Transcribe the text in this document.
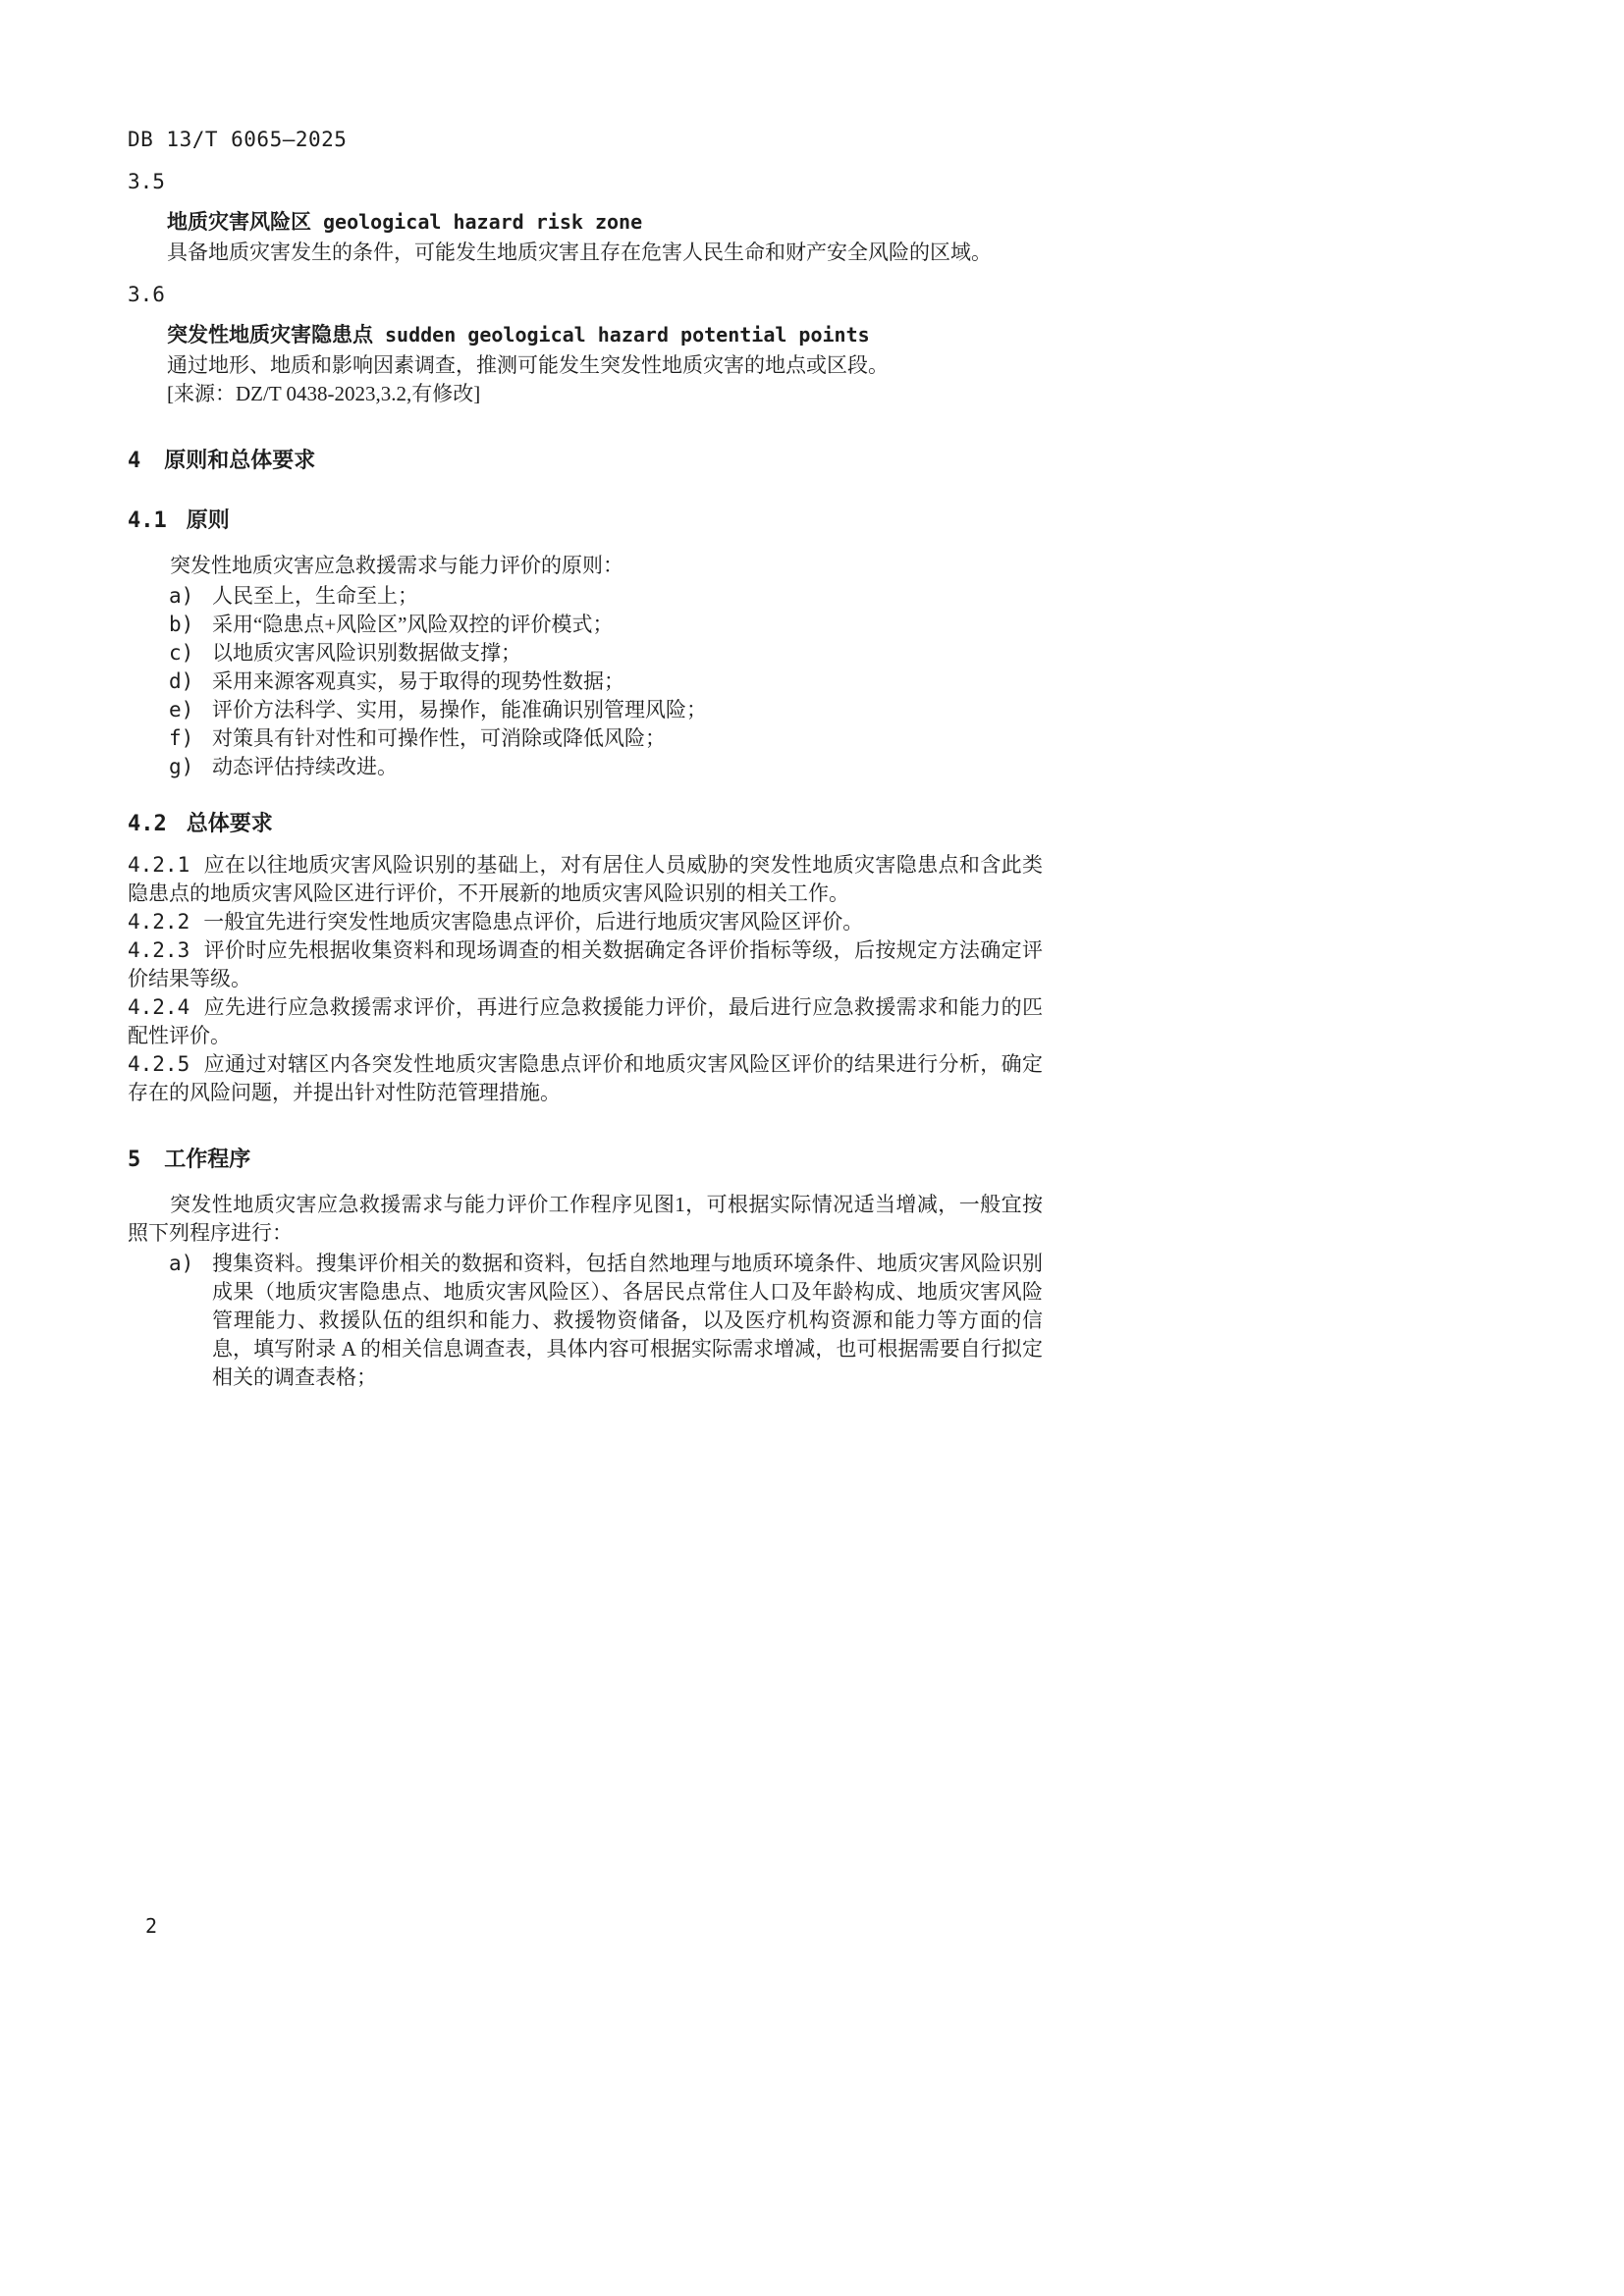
DB 13/T 6065—2025
3.5

地质灾害风险区 geological hazard risk zone

具备地质灾害发生的条件，可能发生地质灾害且存在危害人民生命和财产安全风险的区域。

3.6

突发性地质灾害隐患点 sudden geological hazard potential points

通过地形、地质和影响因素调查，推测可能发生突发性地质灾害的地点或区段。

[来源：DZ/T 0438-2023,3.2,有修改]

4 原则和总体要求
4.1 原则

突发性地质灾害应急救援需求与能力评价的原则：

a) 人民至上，生命至上；
b) 采用“隐患点+风险区”风险双控的评价模式；
c) 以地质灾害风险识别数据做支撑；
d) 采用来源客观真实，易于取得的现势性数据；
e) 评价方法科学、实用，易操作，能准确识别管理风险；
f) 对策具有针对性和可操作性，可消除或降低风险；
g) 动态评估持续改进。
4.2 总体要求

4.2.1 应在以往地质灾害风险识别的基础上，对有居住人员威胁的突发性地质灾害隐患点和含此类隐患点的地质灾害风险区进行评价，不开展新的地质灾害风险识别的相关工作。

4.2.2 一般宜先进行突发性地质灾害隐患点评价，后进行地质灾害风险区评价。

4.2.3 评价时应先根据收集资料和现场调查的相关数据确定各评价指标等级，后按规定方法确定评价结果等级。

4.2.4 应先进行应急救援需求评价，再进行应急救援能力评价，最后进行应急救援需求和能力的匹配性评价。

4.2.5 应通过对辖区内各突发性地质灾害隐患点评价和地质灾害风险区评价的结果进行分析，确定存在的风险问题，并提出针对性防范管理措施。

5 工作程序

突发性地质灾害应急救援需求与能力评价工作程序见图1，可根据实际情况适当增减，一般宜按照下列程序进行：

a) 搜集资料。搜集评价相关的数据和资料，包括自然地理与地质环境条件、地质灾害风险识别成果（地质灾害隐患点、地质灾害风险区）、各居民点常住人口及年龄构成、地质灾害风险管理能力、救援队伍的组织和能力、救援物资储备，以及医疗机构资源和能力等方面的信息，填写附录 A 的相关信息调查表，具体内容可根据实际需求增减，也可根据需要自行拟定相关的调查表格；
2
